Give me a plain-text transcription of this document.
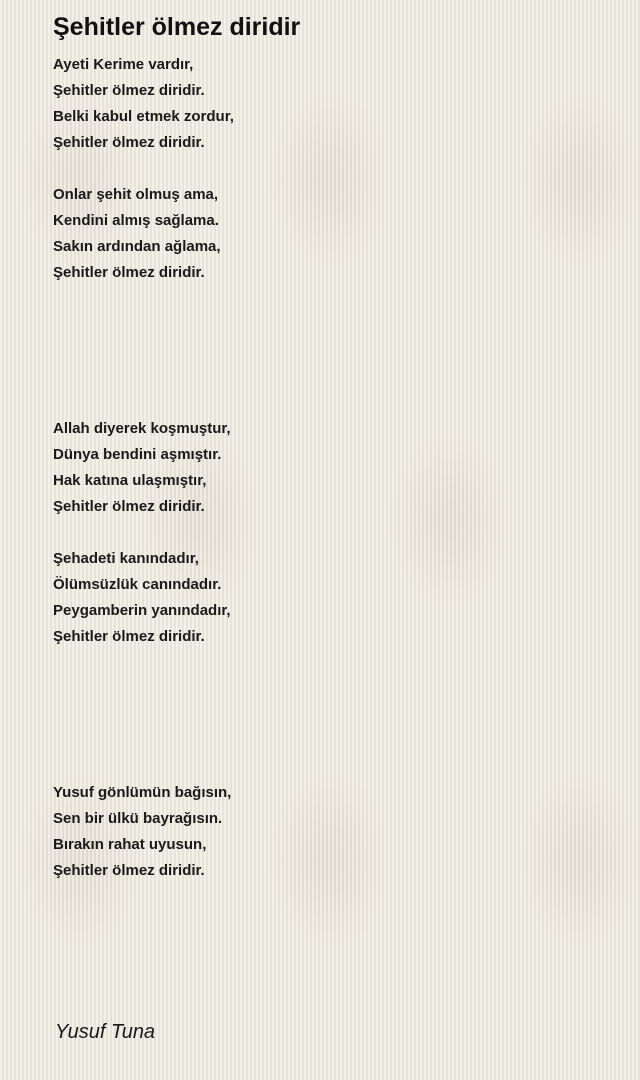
Şehitler ölmez diridir
Ayeti Kerime vardır,
Şehitler ölmez diridir.
Belki kabul etmek zordur,
Şehitler ölmez diridir.
Onlar şehit olmuş ama,
Kendini almış sağlama.
Sakın ardından ağlama,
Şehitler ölmez diridir.
Allah diyerek koşmuştur,
Dünya bendini aşmıştır.
Hak katına ulaşmıştır,
Şehitler ölmez diridir.
Şehadeti kanındadır,
Ölümsüzlük canındadır.
Peygamberin yanındadır,
Şehitler ölmez diridir.
Yusuf gönlümün bağısın,
Sen bir ülkü bayrağısın.
Bırakın rahat uyusun,
Şehitler ölmez diridir.
Yusuf Tuna
